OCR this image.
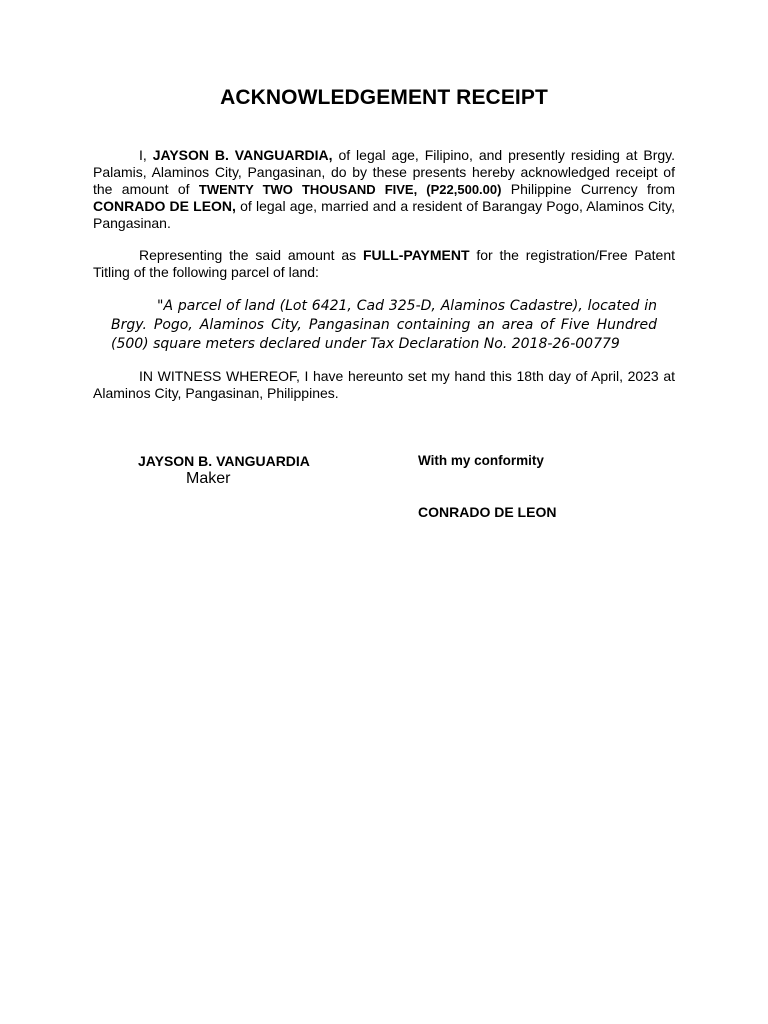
ACKNOWLEDGEMENT RECEIPT
I, JAYSON B. VANGUARDIA, of legal age, Filipino, and presently residing at Brgy. Palamis, Alaminos City, Pangasinan, do by these presents hereby acknowledged receipt of the amount of TWENTY TWO THOUSAND FIVE, (P22,500.00) Philippine Currency from CONRADO DE LEON, of legal age, married and a resident of Barangay Pogo, Alaminos City, Pangasinan.
Representing the said amount as FULL-PAYMENT for the registration/Free Patent Titling of the following parcel of land:
"A parcel of land (Lot 6421, Cad 325-D, Alaminos Cadastre), located in Brgy. Pogo, Alaminos City, Pangasinan containing an area of Five Hundred (500) square meters declared under Tax Declaration No. 2018-26-00779
IN WITNESS WHEREOF, I have hereunto set my hand this 18th day of April, 2023 at Alaminos City, Pangasinan, Philippines.
JAYSON B. VANGUARDIA
Maker
With my conformity
CONRADO DE LEON
